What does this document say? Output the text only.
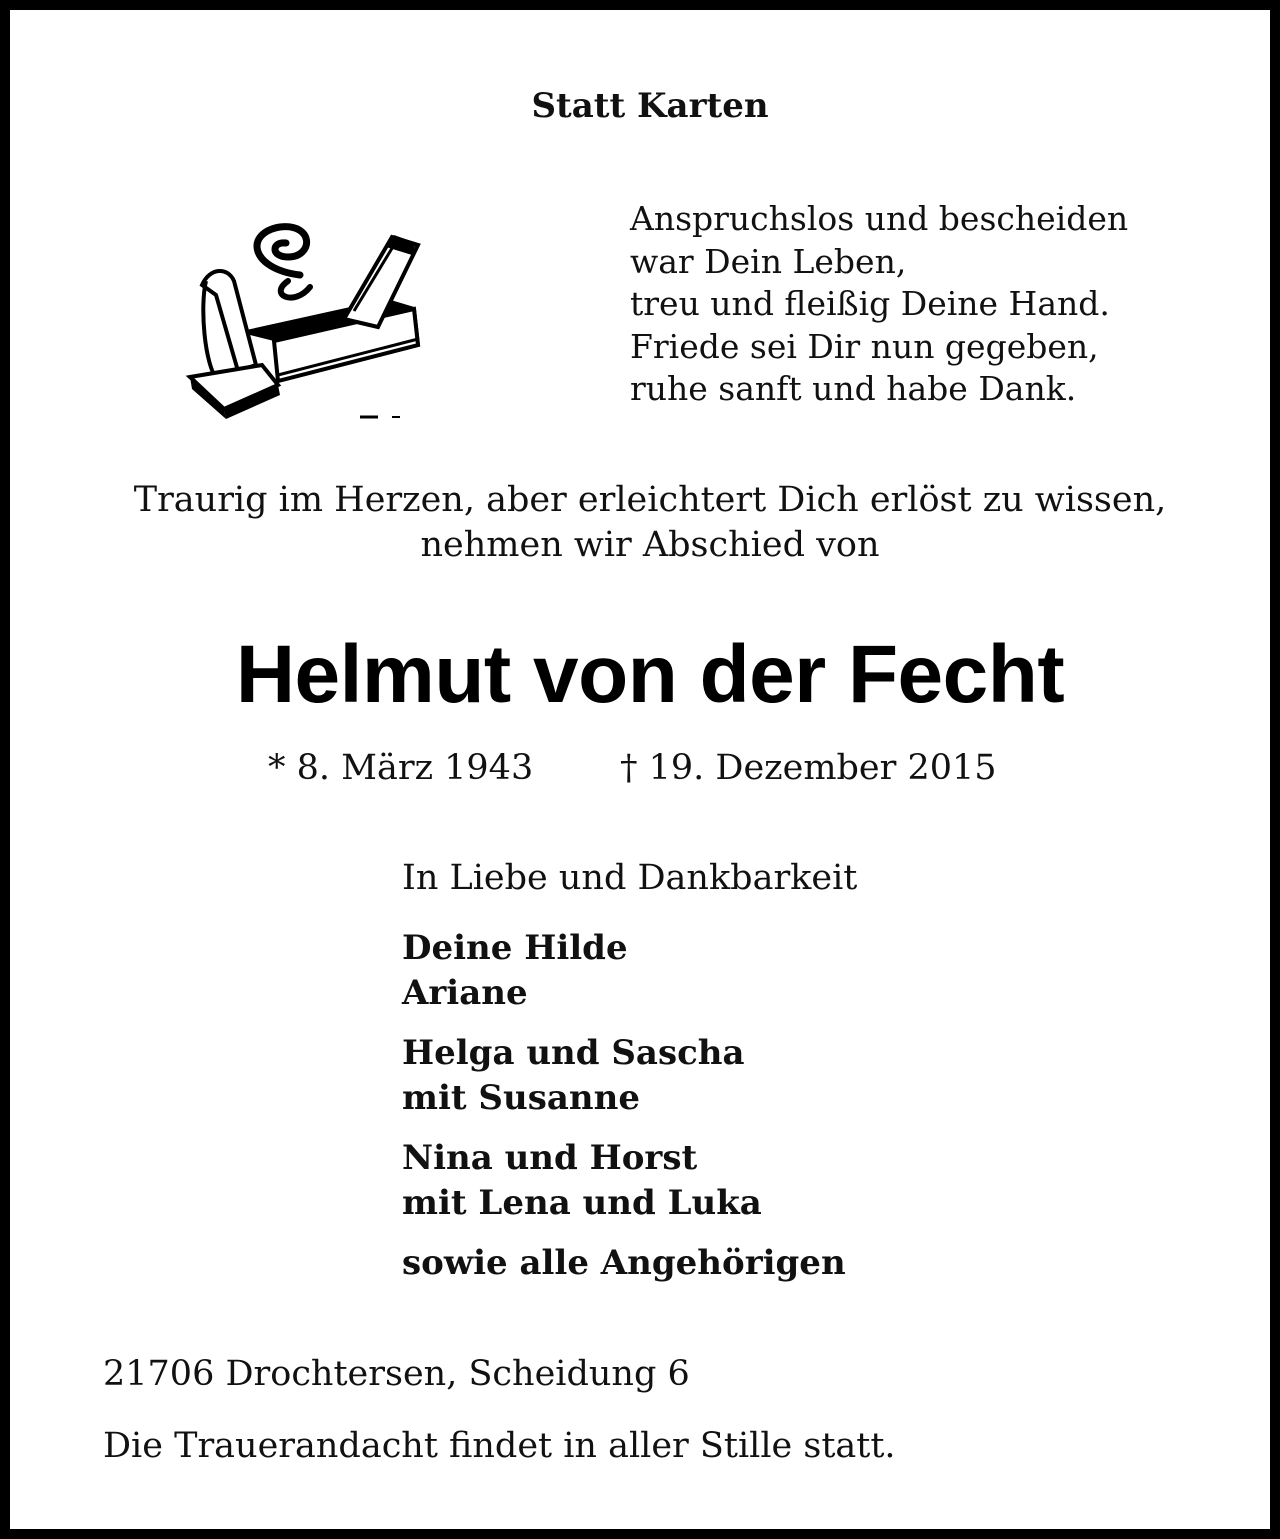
Statt Karten
Anspruchslos und bescheiden
war Dein Leben,
treu und fleißig Deine Hand.
Friede sei Dir nun gegeben,
ruhe sanft und habe Dank.
Traurig im Herzen, aber erleichtert Dich erlöst zu wissen,
nehmen wir Abschied von
Helmut von der Fecht
* 8. März 1943 † 19. Dezember 2015
In Liebe und Dankbarkeit
Deine Hilde
Ariane
Helga und Sascha
mit Susanne
Nina und Horst
mit Lena und Luka
sowie alle Angehörigen
21706 Drochtersen, Scheidung 6
Die Trauerandacht findet in aller Stille statt.
